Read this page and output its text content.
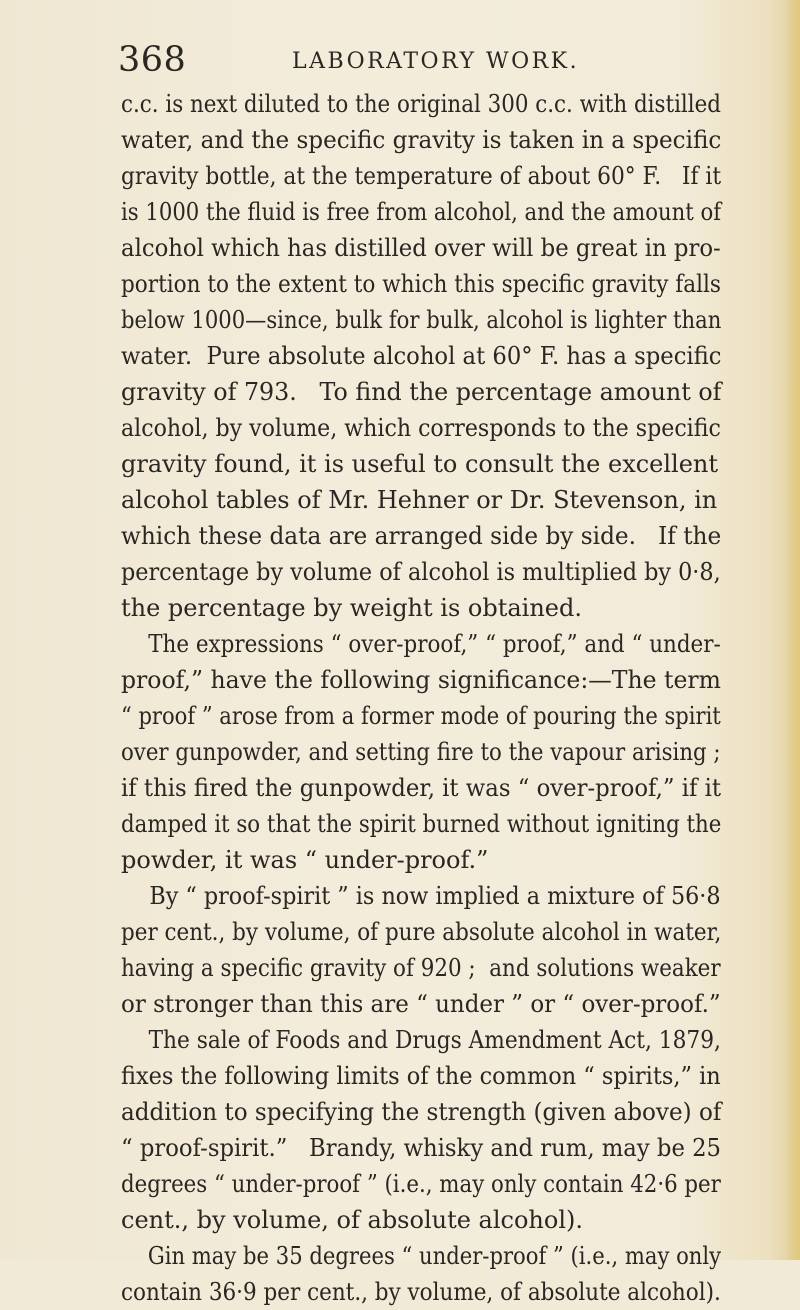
368	LABORATORY WORK.
c.c. is next diluted to the original 300 c.c. with distilled
water, and the specific gravity is taken in a specific
gravity bottle, at the temperature of about 60° F.   If it
is 1000 the fluid is free from alcohol, and the amount of
alcohol which has distilled over will be great in pro-
portion to the extent to which this specific gravity falls
below 1000—since, bulk for bulk, alcohol is lighter than
water.  Pure absolute alcohol at 60° F. has a specific
gravity of 793.   To find the percentage amount of
alcohol, by volume, which corresponds to the specific
gravity found, it is useful to consult the excellent
alcohol tables of Mr. Hehner or Dr. Stevenson, in
which these data are arranged side by side.   If the
percentage by volume of alcohol is multiplied by 0·8,
the percentage by weight is obtained.
The expressions “ over-proof,” “ proof,” and “ under-
proof,” have the following significance:—The term
“ proof ” arose from a former mode of pouring the spirit
over gunpowder, and setting fire to the vapour arising ;
if this fired the gunpowder, it was “ over-proof,” if it
damped it so that the spirit burned without igniting the
powder, it was “ under-proof.”
By “ proof-spirit ” is now implied a mixture of 56·8
per cent., by volume, of pure absolute alcohol in water,
having a specific gravity of 920 ;  and solutions weaker
or stronger than this are “ under ” or “ over-proof.”
The sale of Foods and Drugs Amendment Act, 1879,
fixes the following limits of the common “ spirits,” in
addition to specifying the strength (given above) of
“ proof-spirit.”   Brandy, whisky and rum, may be 25
degrees “ under-proof ” (i.e., may only contain 42·6 per
cent., by volume, of absolute alcohol).
Gin may be 35 degrees “ under-proof ” (i.e., may only
contain 36·9 per cent., by volume, of absolute alcohol).
